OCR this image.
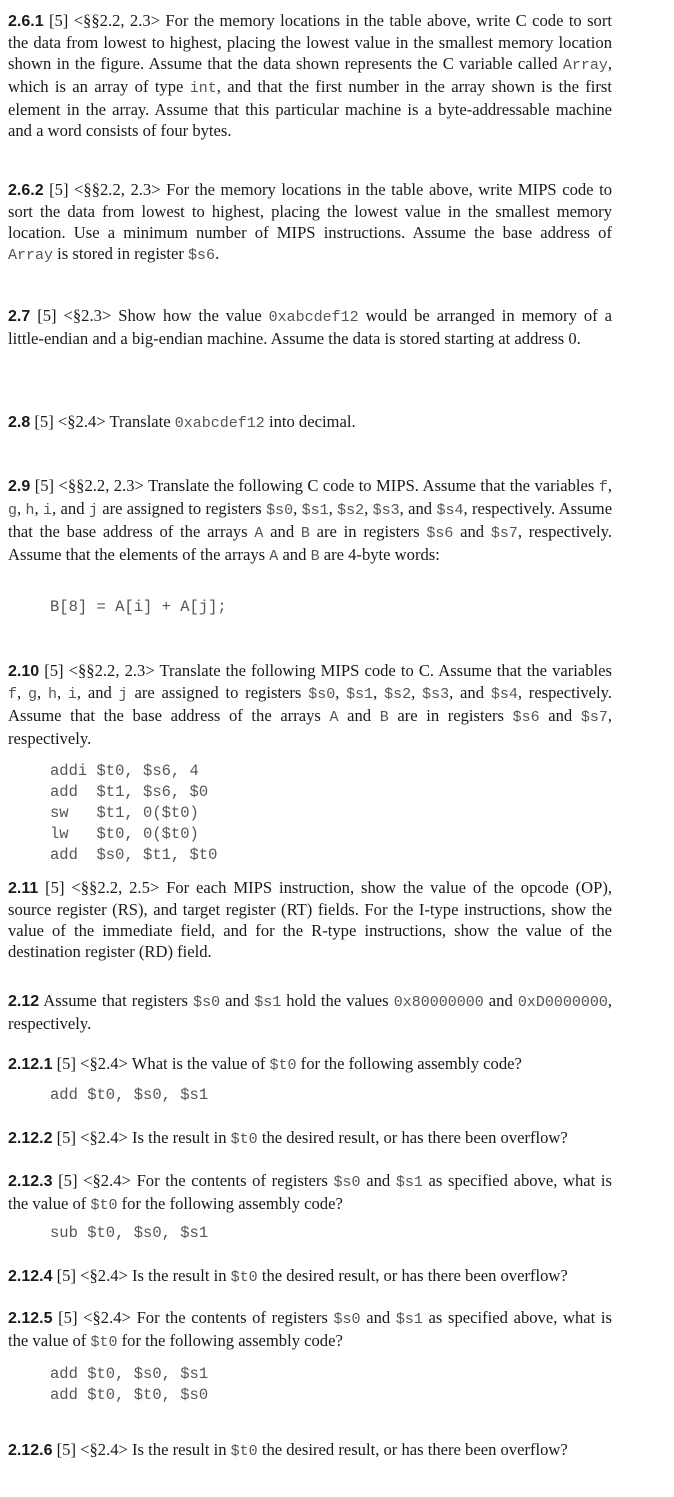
2.6.1 [5] <§§2.2, 2.3> For the memory locations in the table above, write C code to sort the data from lowest to highest, placing the lowest value in the smallest memory location shown in the figure. Assume that the data shown represents the C variable called Array, which is an array of type int, and that the first number in the array shown is the first element in the array. Assume that this particular machine is a byte-addressable machine and a word consists of four bytes.
2.6.2 [5] <§§2.2, 2.3> For the memory locations in the table above, write MIPS code to sort the data from lowest to highest, placing the lowest value in the smallest memory location. Use a minimum number of MIPS instructions. Assume the base address of Array is stored in register $s6.
2.7 [5] <§2.3> Show how the value 0xabcdef12 would be arranged in memory of a little-endian and a big-endian machine. Assume the data is stored starting at address 0.
2.8 [5] <§2.4> Translate 0xabcdef12 into decimal.
2.9 [5] <§§2.2, 2.3> Translate the following C code to MIPS. Assume that the variables f, g, h, i, and j are assigned to registers $s0, $s1, $s2, $s3, and $s4, respectively. Assume that the base address of the arrays A and B are in registers $s6 and $s7, respectively. Assume that the elements of the arrays A and B are 4-byte words:
B[8] = A[i] + A[j];
2.10 [5] <§§2.2, 2.3> Translate the following MIPS code to C. Assume that the variables f, g, h, i, and j are assigned to registers $s0, $s1, $s2, $s3, and $s4, respectively. Assume that the base address of the arrays A and B are in registers $s6 and $s7, respectively.
addi $t0, $s6, 4
add  $t1, $s6, $0
sw   $t1, 0($t0)
lw   $t0, 0($t0)
add  $s0, $t1, $t0
2.11 [5] <§§2.2, 2.5> For each MIPS instruction, show the value of the opcode (OP), source register (RS), and target register (RT) fields. For the I-type instructions, show the value of the immediate field, and for the R-type instructions, show the value of the destination register (RD) field.
2.12 Assume that registers $s0 and $s1 hold the values 0x80000000 and 0xD0000000, respectively.
2.12.1 [5] <§2.4> What is the value of $t0 for the following assembly code?
add $t0, $s0, $s1
2.12.2 [5] <§2.4> Is the result in $t0 the desired result, or has there been overflow?
2.12.3 [5] <§2.4> For the contents of registers $s0 and $s1 as specified above, what is the value of $t0 for the following assembly code?
sub $t0, $s0, $s1
2.12.4 [5] <§2.4> Is the result in $t0 the desired result, or has there been overflow?
2.12.5 [5] <§2.4> For the contents of registers $s0 and $s1 as specified above, what is the value of $t0 for the following assembly code?
add $t0, $s0, $s1
add $t0, $t0, $s0
2.12.6 [5] <§2.4> Is the result in $t0 the desired result, or has there been overflow?
